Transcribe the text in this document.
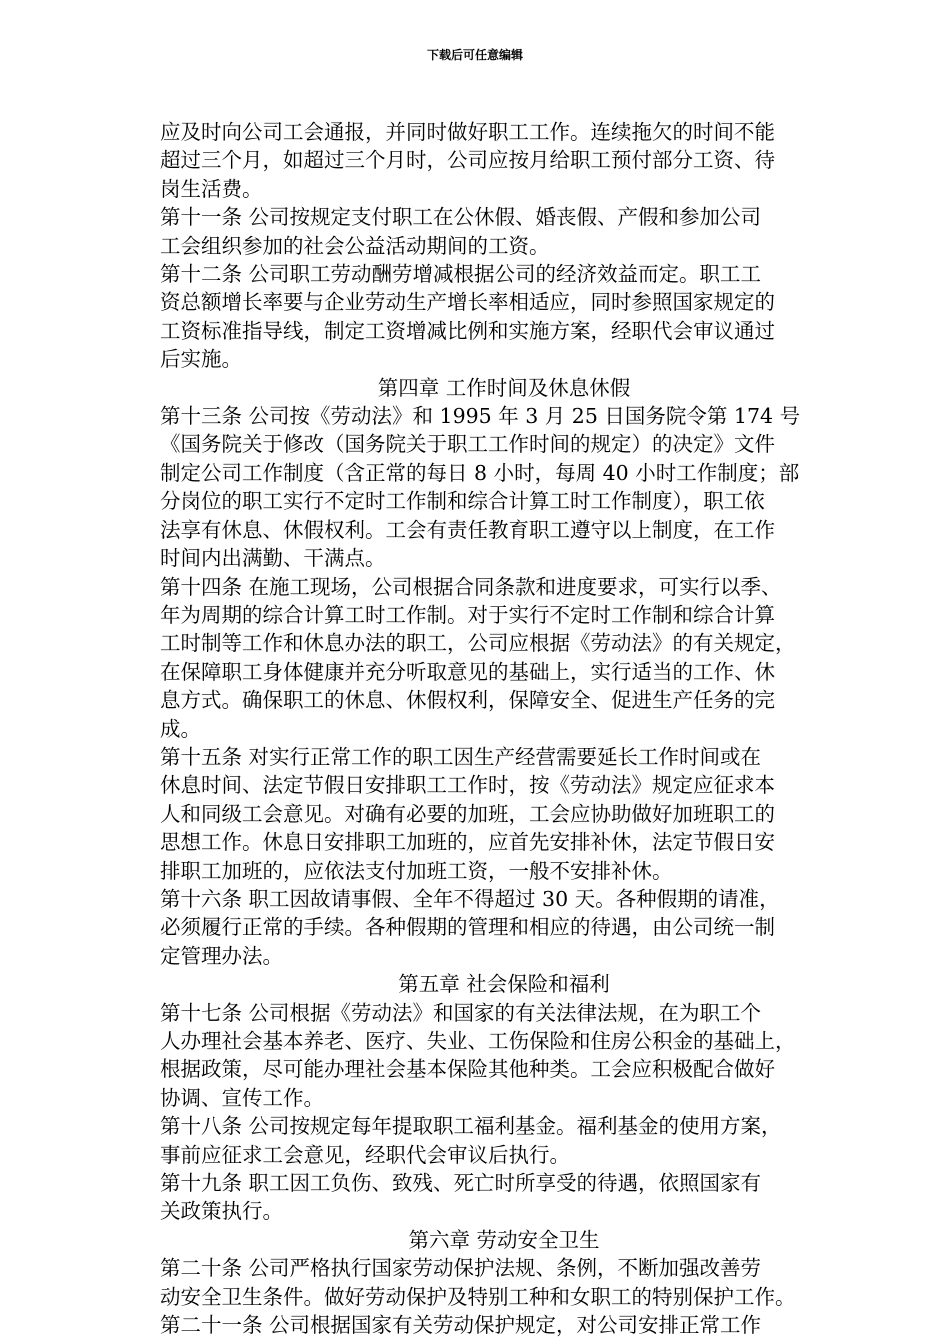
下载后可任意编辑
应及时向公司工会通报，并同时做好职工工作。连续拖欠的时间不能
超过三个月，如超过三个月时，公司应按月给职工预付部分工资、待
岗生活费。
第十一条 公司按规定支付职工在公休假、婚丧假、产假和参加公司
工会组织参加的社会公益活动期间的工资。
第十二条 公司职工劳动酬劳增减根据公司的经济效益而定。职工工
资总额增长率要与企业劳动生产增长率相适应，同时参照国家规定的
工资标准指导线，制定工资增减比例和实施方案，经职代会审议通过
后实施。
第四章 工作时间及休息休假
第十三条 公司按《劳动法》和 1995 年 3 月 25 日国务院令第 174 号
《国务院关于修改（国务院关于职工工作时间的规定）的决定》文件
制定公司工作制度（含正常的每日 8 小时，每周 40 小时工作制度；部
分岗位的职工实行不定时工作制和综合计算工时工作制度），职工依
法享有休息、休假权利。工会有责任教育职工遵守以上制度，在工作
时间内出满勤、干满点。
第十四条 在施工现场，公司根据合同条款和进度要求，可实行以季、
年为周期的综合计算工时工作制。对于实行不定时工作制和综合计算
工时制等工作和休息办法的职工，公司应根据《劳动法》的有关规定，
在保障职工身体健康并充分听取意见的基础上，实行适当的工作、休
息方式。确保职工的休息、休假权利，保障安全、促进生产任务的完
成。
第十五条 对实行正常工作的职工因生产经营需要延长工作时间或在
休息时间、法定节假日安排职工工作时，按《劳动法》规定应征求本
人和同级工会意见。对确有必要的加班，工会应协助做好加班职工的
思想工作。休息日安排职工加班的，应首先安排补休，法定节假日安
排职工加班的，应依法支付加班工资，一般不安排补休。
第十六条 职工因故请事假、全年不得超过 30 天。各种假期的请准，
必须履行正常的手续。各种假期的管理和相应的待遇，由公司统一制
定管理办法。
第五章 社会保险和福利
第十七条 公司根据《劳动法》和国家的有关法律法规，在为职工个
人办理社会基本养老、医疗、失业、工伤保险和住房公积金的基础上，
根据政策，尽可能办理社会基本保险其他种类。工会应积极配合做好
协调、宣传工作。
第十八条 公司按规定每年提取职工福利基金。福利基金的使用方案，
事前应征求工会意见，经职代会审议后执行。
第十九条 职工因工负伤、致残、死亡时所享受的待遇，依照国家有
关政策执行。
第六章 劳动安全卫生
第二十条 公司严格执行国家劳动保护法规、条例，不断加强改善劳
动安全卫生条件。做好劳动保护及特别工种和女职工的特别保护工作。
第二十一条 公司根据国家有关劳动保护规定，对公司安排正常工作
